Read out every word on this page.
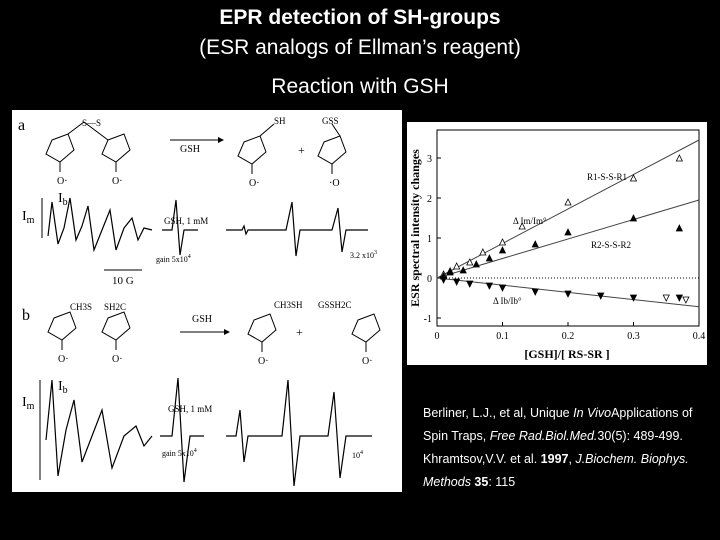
EPR detection of SH-groups
(ESR analogs of Ellman’s reagent)
Reaction with GSH
a	S—S
O·	O·
GSH
SH
O·
+
GSS
·O
$I_m$
$I_b$
GSH, 1 mM
gain $5x10^4$	3.2 $x10^3$
10 G
b	CH3S SH2C
O·	O·
GSH
CH3SH
O·
+
GSSH2C
O·
$I_m$
$I_b$
GSH, 1 mM
gain $5x10^4$	$10^4$
-1
0
1
2
3
0	0.1	0.2	0.3	0.4
R1-S-S-R1
R2-S-S-R2
Δ Im/Im°
Δ Ib/Ib°
[GSH]/[ RS-SR ]
ESR spectral intensity changes
Berliner, L.J., et al, Unique In VivoApplications of Spin Traps, Free Rad.Biol.Med.30(5): 489-499.
Khramtsov,V.V. et al. 1997, J.Biochem. Biophys. Methods 35: 115
